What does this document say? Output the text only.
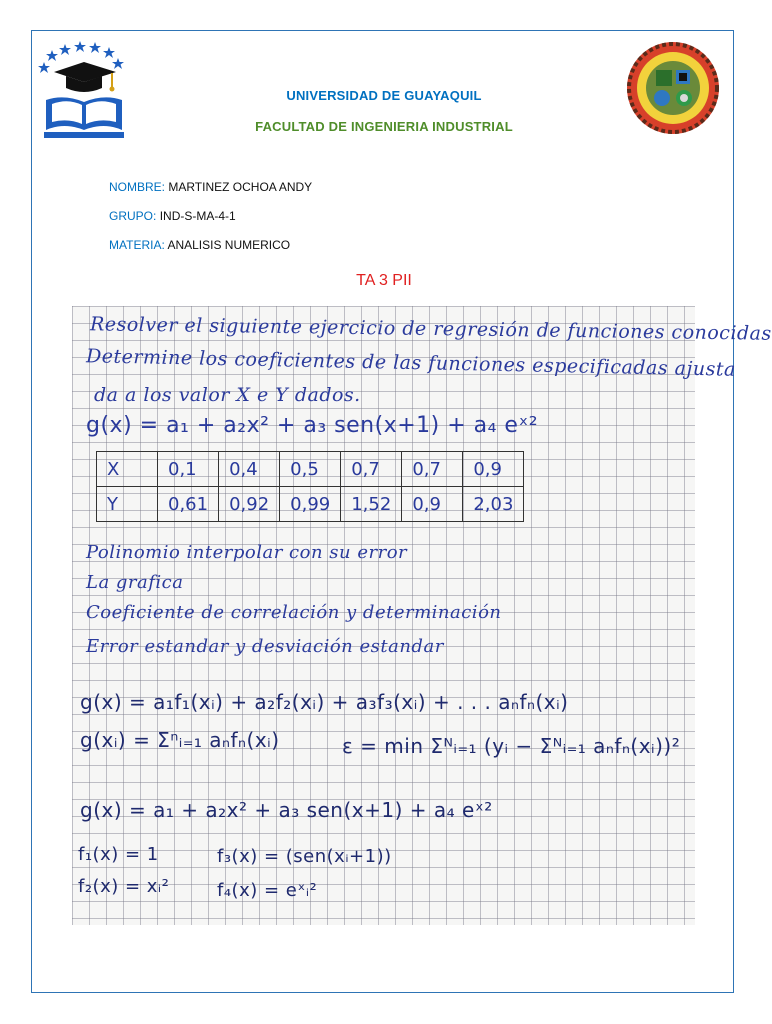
UNIVERSIDAD DE GUAYAQUIL
FACULTAD DE INGENIERIA INDUSTRIAL
NOMBRE: MARTINEZ OCHOA ANDY
GRUPO: IND-S-MA-4-1
MATERIA: ANALISIS NUMERICO
TA 3 PII
Resolver el siguiente ejercicio de regresión de funciones conocidas
Determine los coeficientes de las funciones especificadas ajusta
da a los valor X e Y dados.
g(x) = a₁ + a₂x² + a₃ sen(x+1) + a₄ eˣ²
X	0,1	0,4	0,5	0,7	0,7	0,9
Y	0,61	0,92	0,99	1,52	0,9	2,03
Polinomio interpolar con su error
La grafica
Coeficiente de correlación y determinación
Error estandar y desviación estandar
g(x) = a₁f₁(xᵢ) + a₂f₂(xᵢ) + a₃f₃(xᵢ) + . . . aₙfₙ(xᵢ)
g(xᵢ) = Σⁿᵢ₌₁ aₙfₙ(xᵢ)	ε = min Σᴺᵢ₌₁ (yᵢ − Σᴺᵢ₌₁ aₙfₙ(xᵢ))²
g(x) = a₁ + a₂x² + a₃ sen(x+1) + a₄ eˣ²
f₁(x) = 1	f₃(x) = (sen(xᵢ+1))
f₂(x) = xᵢ²	f₄(x) = eˣᵢ²
